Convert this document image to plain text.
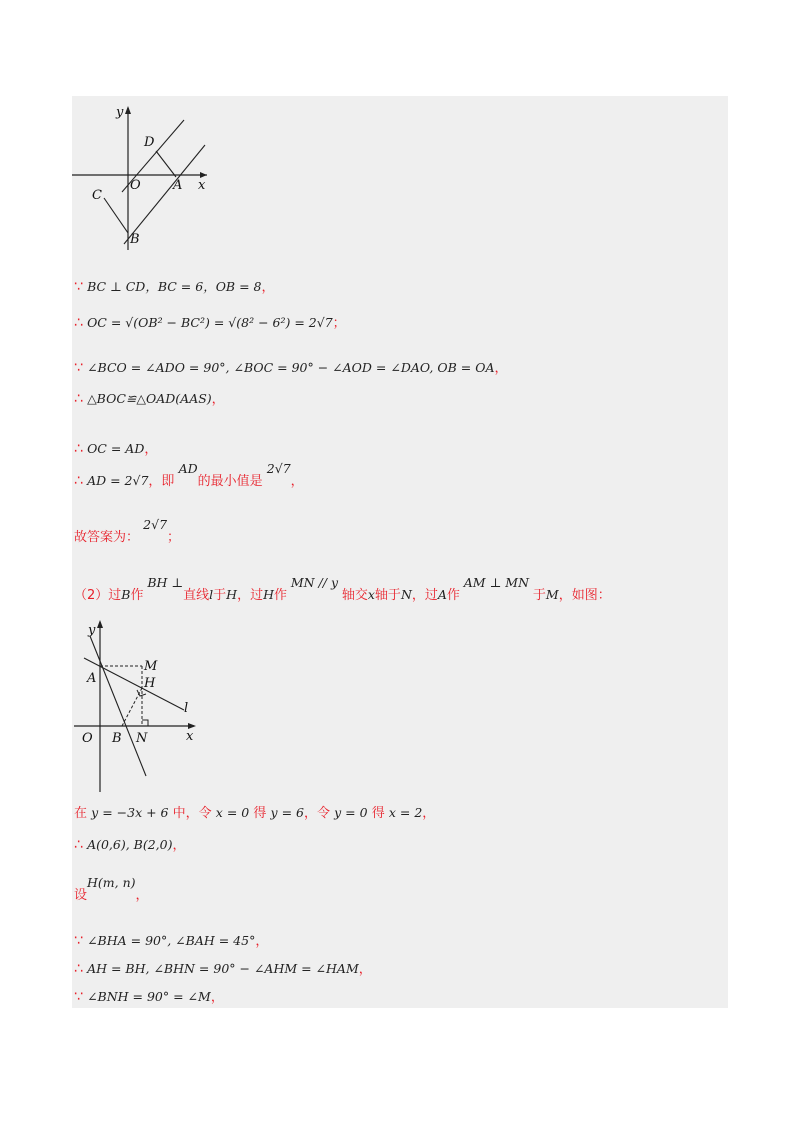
y
x
D
O A
C
B
∵ BC ⊥ CD，BC = 6，OB = 8，
∴ OC = √(OB² − BC²) = √(8² − 6²) = 2√7；
∵ ∠BCO = ∠ADO = 90°, ∠BOC = 90° − ∠AOD = ∠DAO, OB = OA，
∴ △BOC≌△OAD(AAS)，
∴ OC = AD，
∴ AD = 2√7，即 AD的最小值是 2√7，
故答案为： 2√7；
（2）过B作 BH ⊥直线l于H，过H作 MN // y 轴交x轴于N，过A作 AM ⊥ MN 于M，如图：
y
x
M
A	H
l
O B N
在 y = −3x + 6 中，令 x = 0 得 y = 6，令 y = 0 得 x = 2，
∴ A(0,6), B(2,0)，
设H(m, n)，
∵ ∠BHA = 90°, ∠BAH = 45°，
∴ AH = BH, ∠BHN = 90° − ∠AHM = ∠HAM，
∵ ∠BNH = 90° = ∠M，
